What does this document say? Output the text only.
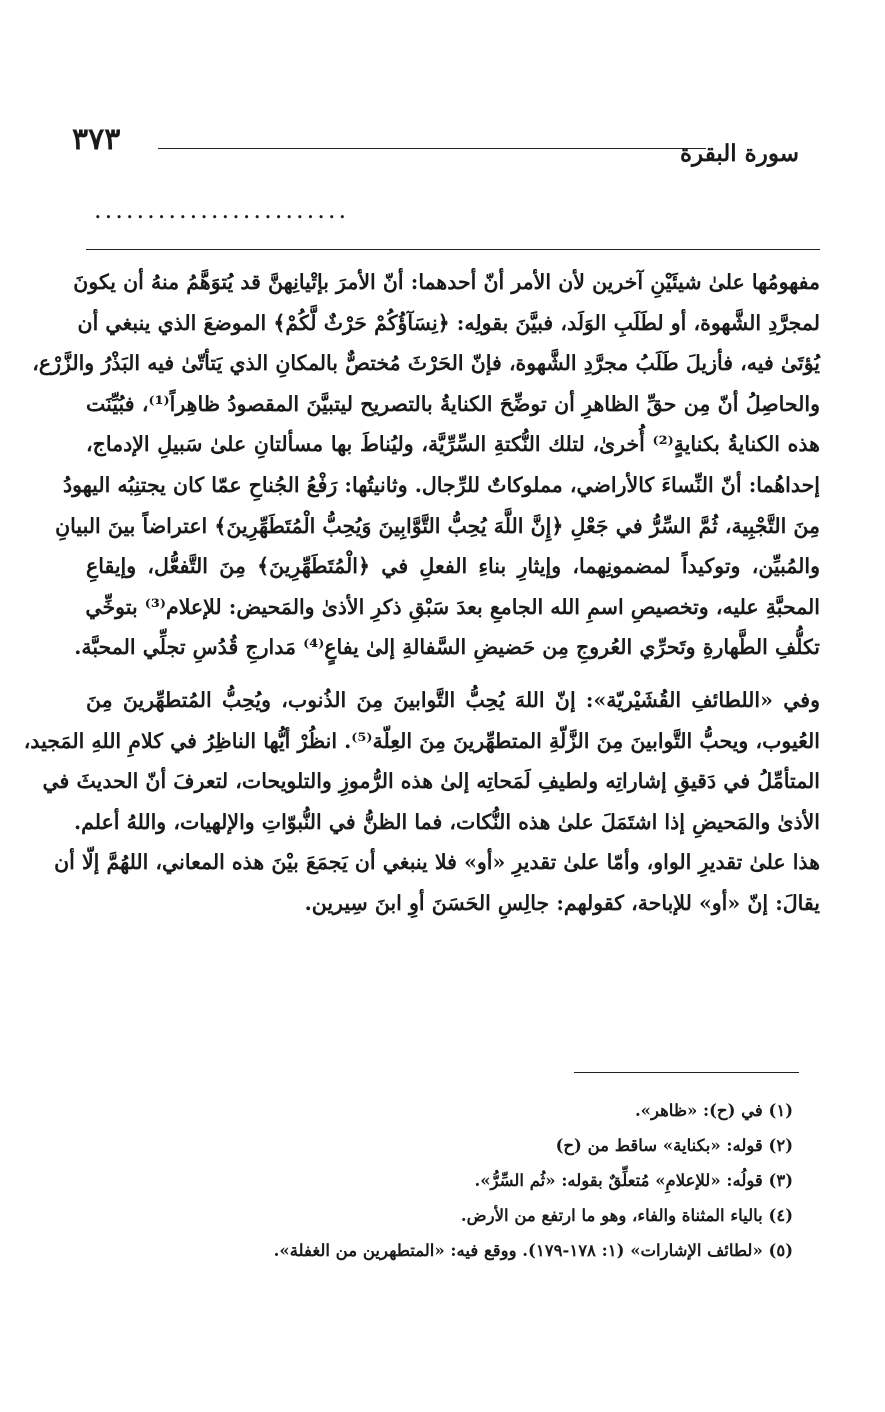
٣٧٣	سورة البقرة
........................
مفهومُها علىٰ شيئَيْنِ آخرين لأن الأمر أنّ أحدهما: أنّ الأمرَ بإتْيانِهنَّ قد يُتوَهَّمُ منهُ أن يكونَ
لمجرَّدِ الشَّهوة، أو لطَلَبِ الوَلَد، فبيَّنَ بقولِه: ﴿نِسَآؤُكُمْ حَرْثٌ لَّكُمْ﴾ الموضعَ الذي ينبغي أن
يُؤتَىٰ فيه، فأزيلَ طَلَبُ مجرَّدِ الشَّهوة، فإنّ الحَرْثَ مُختصٌّ بالمكانِ الذي يَتأتّىٰ فيه البَذْرُ والزَّرْع،
والحاصِلُ أنّ مِن حقِّ الظاهرِ أن توضِّحَ الكنايةُ بالتصريح ليتبيَّنَ المقصودُ ظاهِراً⁽¹⁾، فبُيِّنَت
هذه الكنايةُ بكنايةٍ⁽²⁾ أُخرىٰ، لتلك النُّكتةِ السِّرِّيَّة، وليُناطَ بها مسألتانِ علىٰ سَبيلِ الإدماج،
إحداهُما: أنّ النِّساءَ كالأراضي، مملوكاتٌ للرِّجال. وثانيتُها: رَفْعُ الجُناحِ عمّا كان يجتنِبُه اليهودُ
مِنَ التَّجْبِية، ثُمَّ السِّرُّ في جَعْلِ ﴿إِنَّ اللَّهَ يُحِبُّ التَّوَّابِينَ وَيُحِبُّ الْمُتَطَهِّرِينَ﴾ اعتراضاً بينَ البيانِ
والمُبيِّن، وتوكيداً لمضمونِهما، وإيثارِ بناءِ الفعلِ في ﴿الْمُتَطَهِّرِينَ﴾ مِنَ التَّفعُّل، وإيقاعِ
المحبَّةِ عليه، وتخصيصِ اسمِ الله الجامعِ بعدَ سَبْقِ ذكرِ الأذىٰ والمَحيض: للإعلام⁽³⁾ بتوخِّي
تكلُّفِ الطَّهارةِ وتَحرِّي العُروجِ مِن حَضيضِ السَّفالةِ إلىٰ يفاعٍ⁽⁴⁾ مَدارجِ قُدُسِ تجلِّي المحبَّة.
وفي «اللطائفِ القُشَيْريّة»: إنّ اللهَ يُحِبُّ التَّوابينَ مِنَ الذُنوب، ويُحِبُّ المُتطهِّرينَ مِنَ
العُيوب، ويحبُّ التَّوابينَ مِنَ الزَّلّةِ المتطهِّرينَ مِنَ العِلّة⁽⁵⁾. انظُرْ أيُّها الناظِرُ في كلامِ اللهِ المَجيد،
المتأمِّلُ في دَقيقِ إشاراتِه ولطيفِ لَمَحاتِه إلىٰ هذه الرُّموزِ والتلويحات، لتعرفَ أنّ الحديثَ في
الأذىٰ والمَحيضِ إذا اشتَمَلَ علىٰ هذه النُّكات، فما الظنُّ في النُّبوّاتِ والإلهيات، واللهُ أعلم.
هذا علىٰ تقديرِ الواو، وأمّا علىٰ تقديرِ «أو» فلا ينبغي أن يَجمَعَ بيْنَ هذه المعاني، اللهُمَّ إلّا أن
يقالَ: إنّ «أو» للإباحة، كقولهم: جالِسِ الحَسَنَ أوِ ابنَ سِيرين.
(١) في (ح): «ظاهر».
(٢) قوله: «بكناية» ساقط من (ح)
(٣) قولُه: «للإعلامِ» مُتعلِّقٌ بقوله: «ثُم السِّرُّ».
(٤) بالياء المثناة والفاء، وهو ما ارتفع من الأرض.
(٥) «لطائف الإشارات» (١: ١٧٨-١٧٩). ووقع فيه: «المتطهرين من الغفلة».
